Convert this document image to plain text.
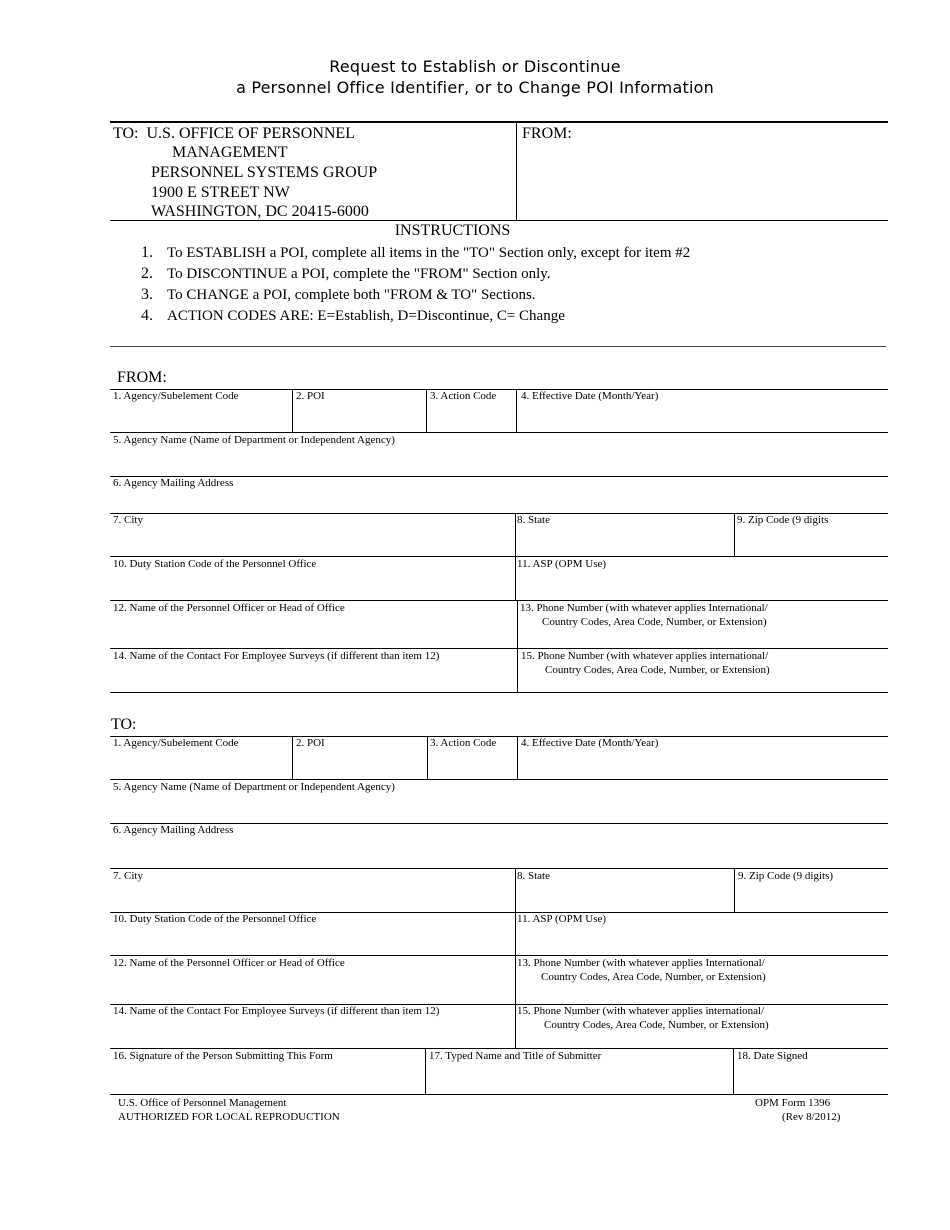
Request to Establish or Discontinue
a Personnel Office Identifier, or to Change POI Information
TO: U.S. OFFICE OF PERSONNEL
MANAGEMENT
PERSONNEL SYSTEMS GROUP
1900 E STREET NW
WASHINGTON, DC 20415-6000
FROM:
INSTRUCTIONS
1. To ESTABLISH a POI, complete all items in the "TO" Section only, except for item #2
2. To DISCONTINUE a POI, complete the "FROM" Section only.
3. To CHANGE a POI, complete both "FROM & TO" Sections.
4. ACTION CODES ARE: E=Establish, D=Discontinue, C= Change
FROM:
1. Agency/Subelement Code	2. POI	3. Action Code 4. Effective Date (Month/Year)
5. Agency Name (Name of Department or Independent Agency)
6. Agency Mailing Address
7. City	8. State	9. Zip Code (9 digits
10. Duty Station Code of the Personnel Office	11. ASP (OPM Use)
12. Name of the Personnel Officer or Head of Office	13. Phone Number (with whatever applies International/
Country Codes, Area Code, Number, or Extension)
14. Name of the Contact For Employee Surveys (if different than item 12)	15. Phone Number (with whatever applies international/
Country Codes, Area Code, Number, or Extension)
TO:
1. Agency/Subelement Code	2. POI	3. Action Code 4. Effective Date (Month/Year)
5. Agency Name (Name of Department or Independent Agency)
6. Agency Mailing Address
7. City	8. State	9. Zip Code (9 digits)
10. Duty Station Code of the Personnel Office	11. ASP (OPM Use)
12. Name of the Personnel Officer or Head of Office	13. Phone Number (with whatever applies International/
Country Codes, Area Code, Number, or Extension)
14. Name of the Contact For Employee Surveys (if different than item 12)	15. Phone Number (with whatever applies international/
Country Codes, Area Code, Number, or Extension)
16. Signature of the Person Submitting This Form	17. Typed Name and Title of Submitter	18. Date Signed
U.S. Office of Personnel Management
AUTHORIZED FOR LOCAL REPRODUCTION
OPM Form 1396
(Rev 8/2012)
